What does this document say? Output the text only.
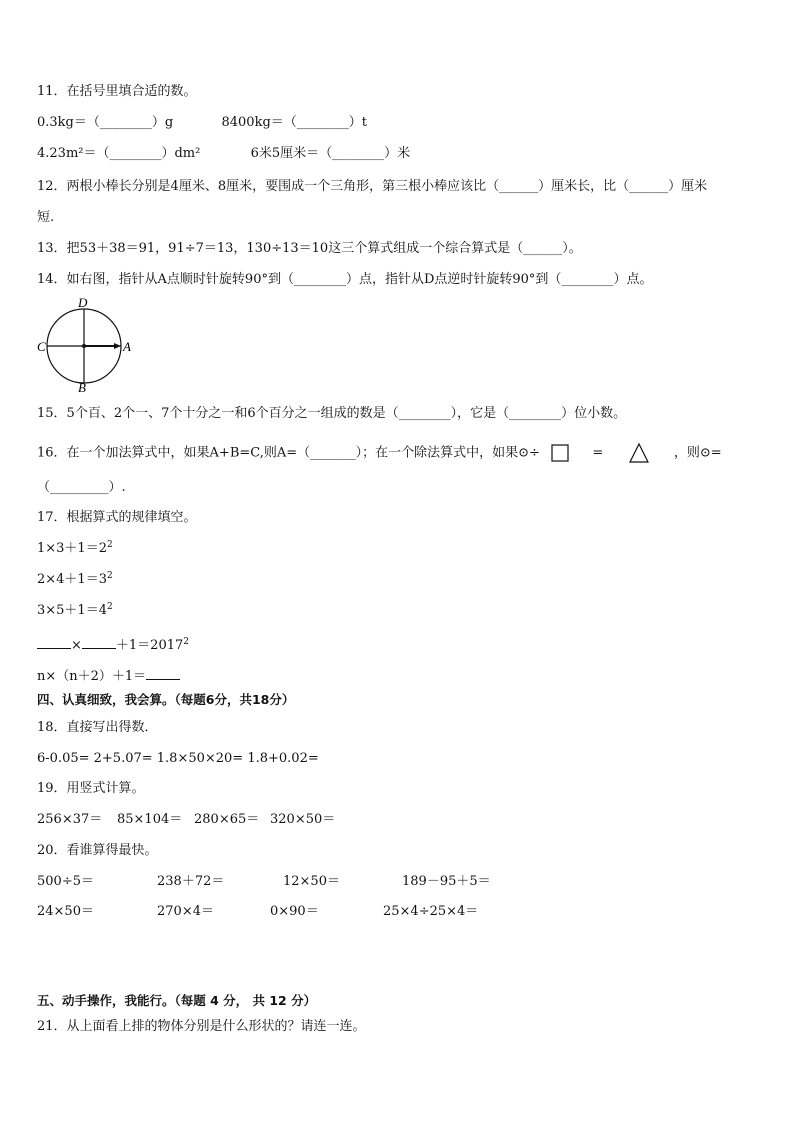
11．在括号里填合适的数。
0.3kg＝（________）g	8400kg＝（________）t
4.23m²＝（________）dm²	6米5厘米＝（________）米
12．两根小棒长分别是4厘米、8厘米，要围成一个三角形，第三根小棒应该比（______）厘米长，比（______）厘米
短.
13．把53＋38＝91，91÷7＝13，130÷13＝10这三个算式组成一个综合算式是（______）。
14．如右图，指针从A点顺时针旋转90°到（________）点，指针从D点逆时针旋转90°到（________）点。
D
C	A
B
15．5个百、2个一、7个十分之一和6个百分之一组成的数是（________），它是（________）位小数。
16．在一个加法算式中，如果A+B=C,则A=（_______）；在一个除法算式中，如果⊙÷	=	，则⊙=
（_________）.
17．根据算式的规律填空。
$1\times 3+1=2^2$
$2\times 4+1=3^2$
$3\times 5+1=4^2$
×	$+1=2017^2$
n×（n＋2）＋1＝
四、认真细致，我会算。（每题6分，共18分）
18．直接写出得数．
6-0.05= 2+5.07= 1.8×50×20= 1.8+0.02=
19．用竖式计算。
256×37＝ 85×104＝ 280×65＝ 320×50＝
20．看谁算得最快。
500÷5＝	238＋72＝	12×50＝	189－95＋5＝
24×50＝	270×4＝	0×90＝	25×4÷25×4＝
五、动手操作，我能行。（每题 4 分， 共 12 分）
21．从上面看上排的物体分别是什么形状的？请连一连。
